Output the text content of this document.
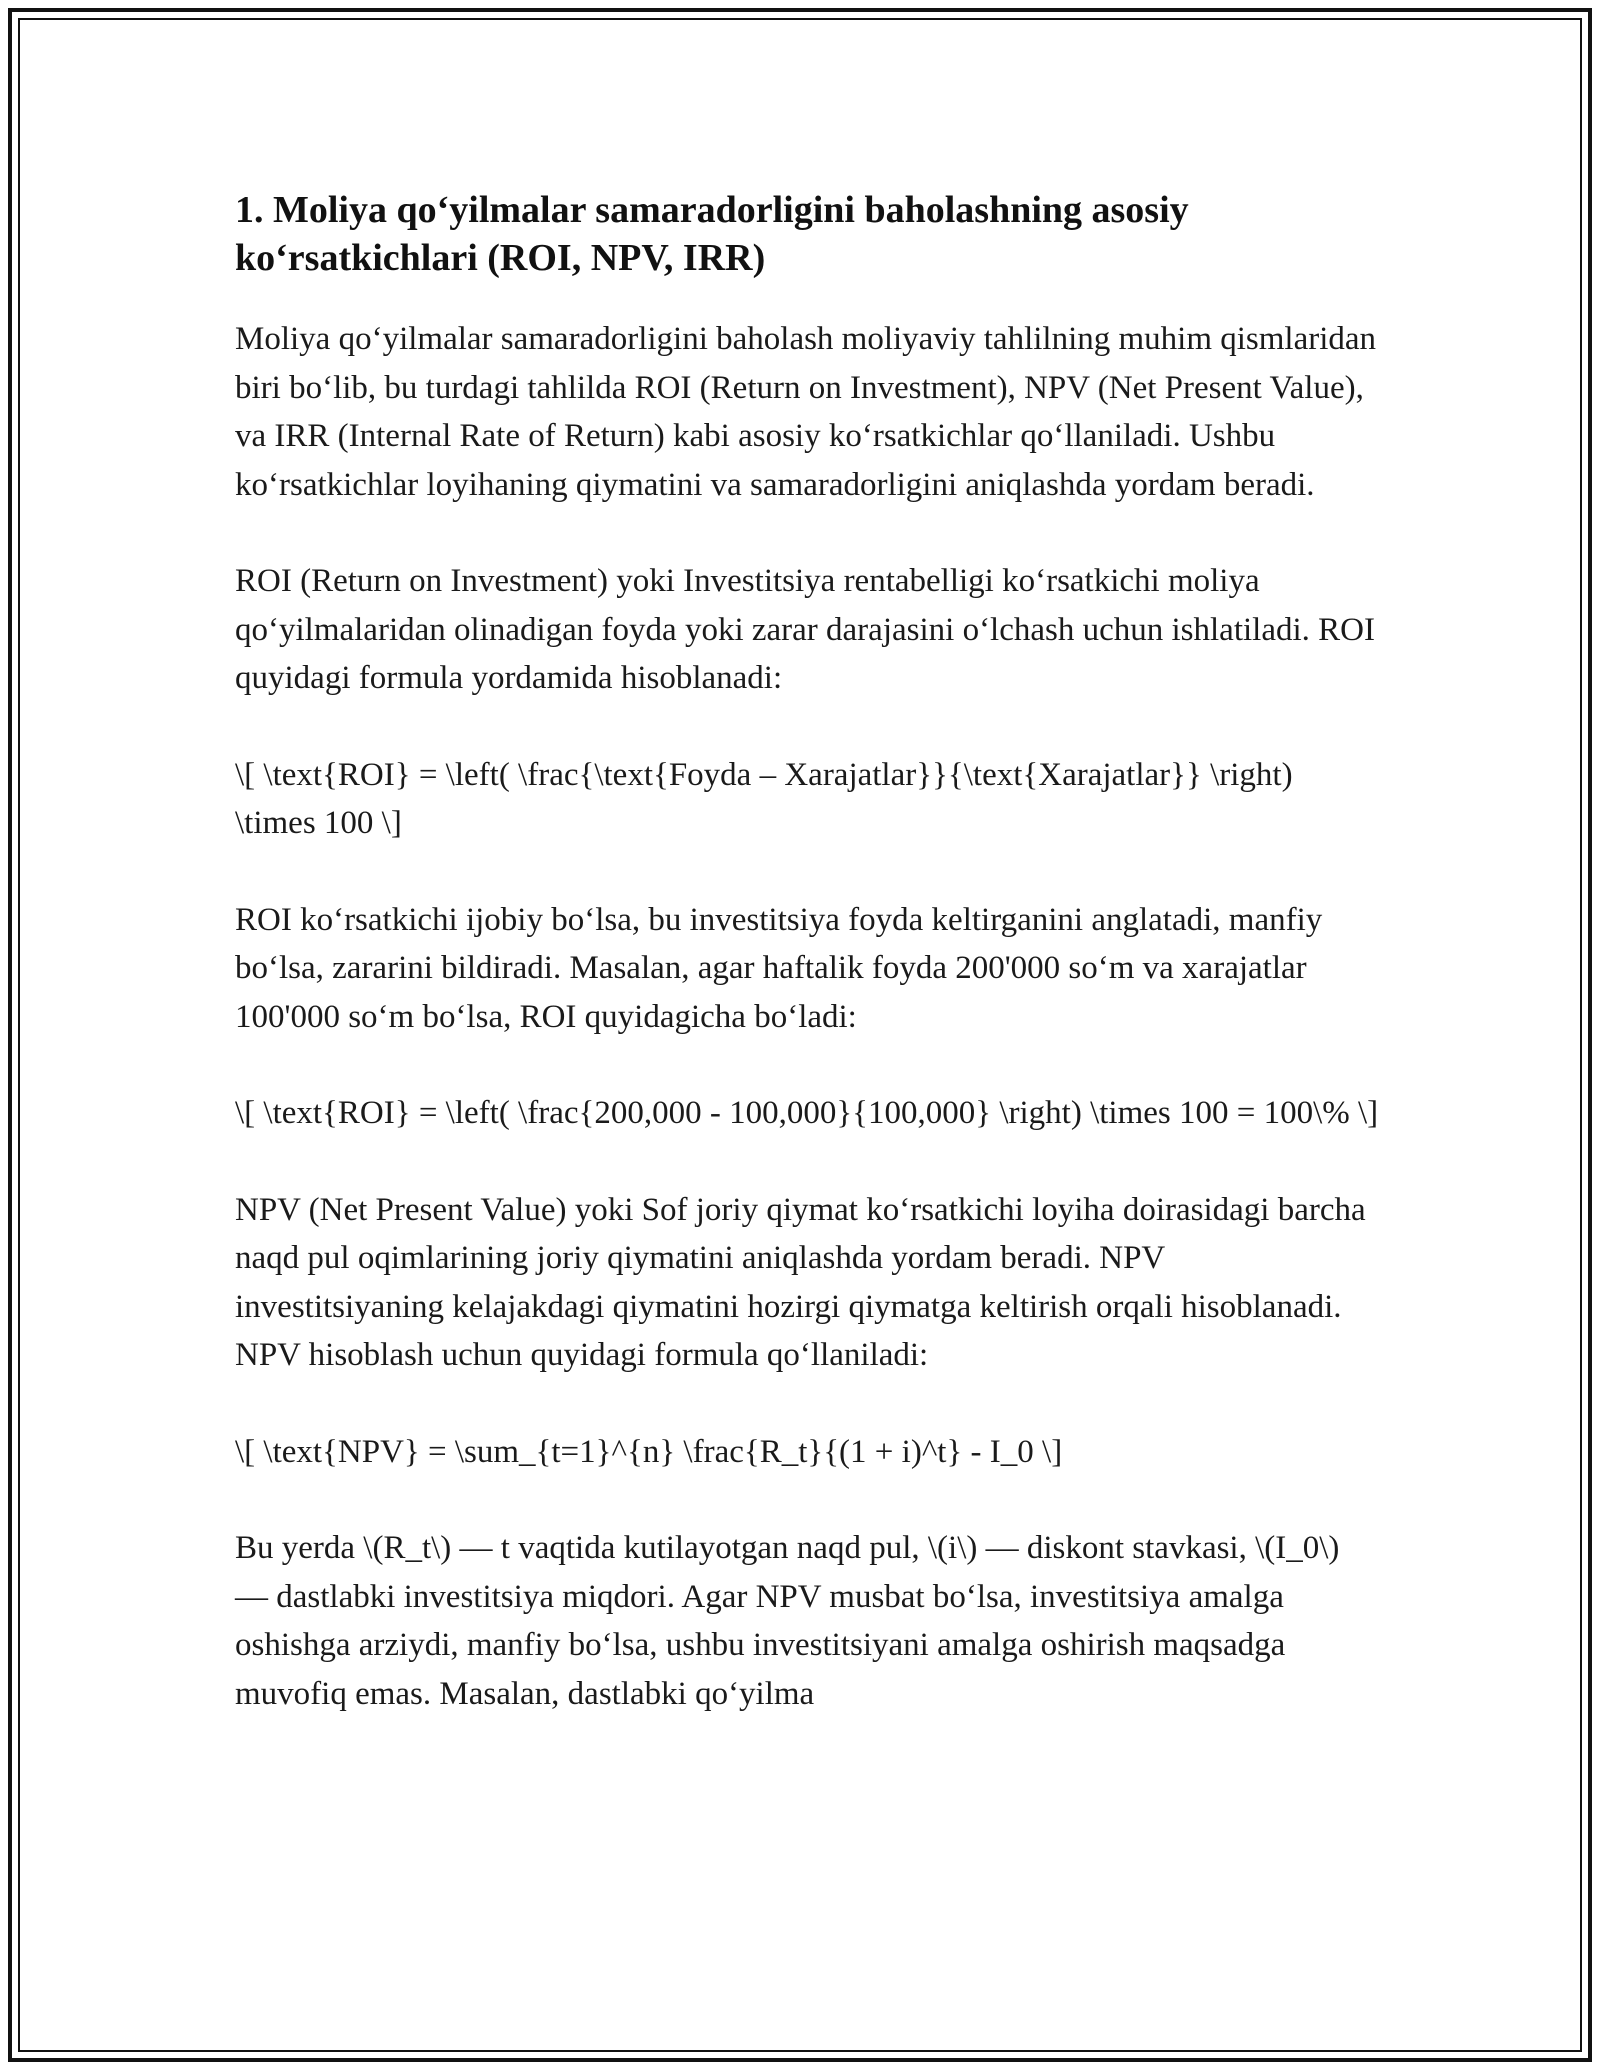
1. Moliya qo‘yilmalar samaradorligini baholashning asosiy ko‘rsatkichlari (ROI, NPV, IRR)

Moliya qo‘yilmalar samaradorligini baholash moliyaviy tahlilning muhim qismlaridan biri bo‘lib, bu turdagi tahlilda ROI (Return on Investment), NPV (Net Present Value), va IRR (Internal Rate of Return) kabi asosiy ko‘rsatkichlar qo‘llaniladi. Ushbu ko‘rsatkichlar loyihaning qiymatini va samaradorligini aniqlashda yordam beradi.

ROI (Return on Investment) yoki Investitsiya rentabelligi ko‘rsatkichi moliya qo‘yilmalaridan olinadigan foyda yoki zarar darajasini o‘lchash uchun ishlatiladi. ROI quyidagi formula yordamida hisoblanadi:

\[ \text{ROI} = \left( \frac{\text{Foyda – Xarajatlar}}{\text{Xarajatlar}} \right) \times 100 \]

ROI ko‘rsatkichi ijobiy bo‘lsa, bu investitsiya foyda keltirganini anglatadi, manfiy bo‘lsa, zararini bildiradi. Masalan, agar haftalik foyda 200'000 so‘m va xarajatlar 100'000 so‘m bo‘lsa, ROI quyidagicha bo‘ladi:

\[ \text{ROI} = \left( \frac{200,000 - 100,000}{100,000} \right) \times 100 = 100\% \]

NPV (Net Present Value) yoki Sof joriy qiymat ko‘rsatkichi loyiha doirasidagi barcha naqd pul oqimlarining joriy qiymatini aniqlashda yordam beradi. NPV investitsiyaning kelajakdagi qiymatini hozirgi qiymatga keltirish orqali hisoblanadi. NPV hisoblash uchun quyidagi formula qo‘llaniladi:

\[ \text{NPV} = \sum_{t=1}^{n} \frac{R_t}{(1 + i)^t} - I_0 \]

Bu yerda \(R_t\) — t vaqtida kutilayotgan naqd pul, \(i\) — diskont stavkasi, \(I_0\) — dastlabki investitsiya miqdori. Agar NPV musbat bo‘lsa, investitsiya amalga oshishga arziydi, manfiy bo‘lsa, ushbu investitsiyani amalga oshirish maqsadga muvofiq emas. Masalan, dastlabki qo‘yilma
